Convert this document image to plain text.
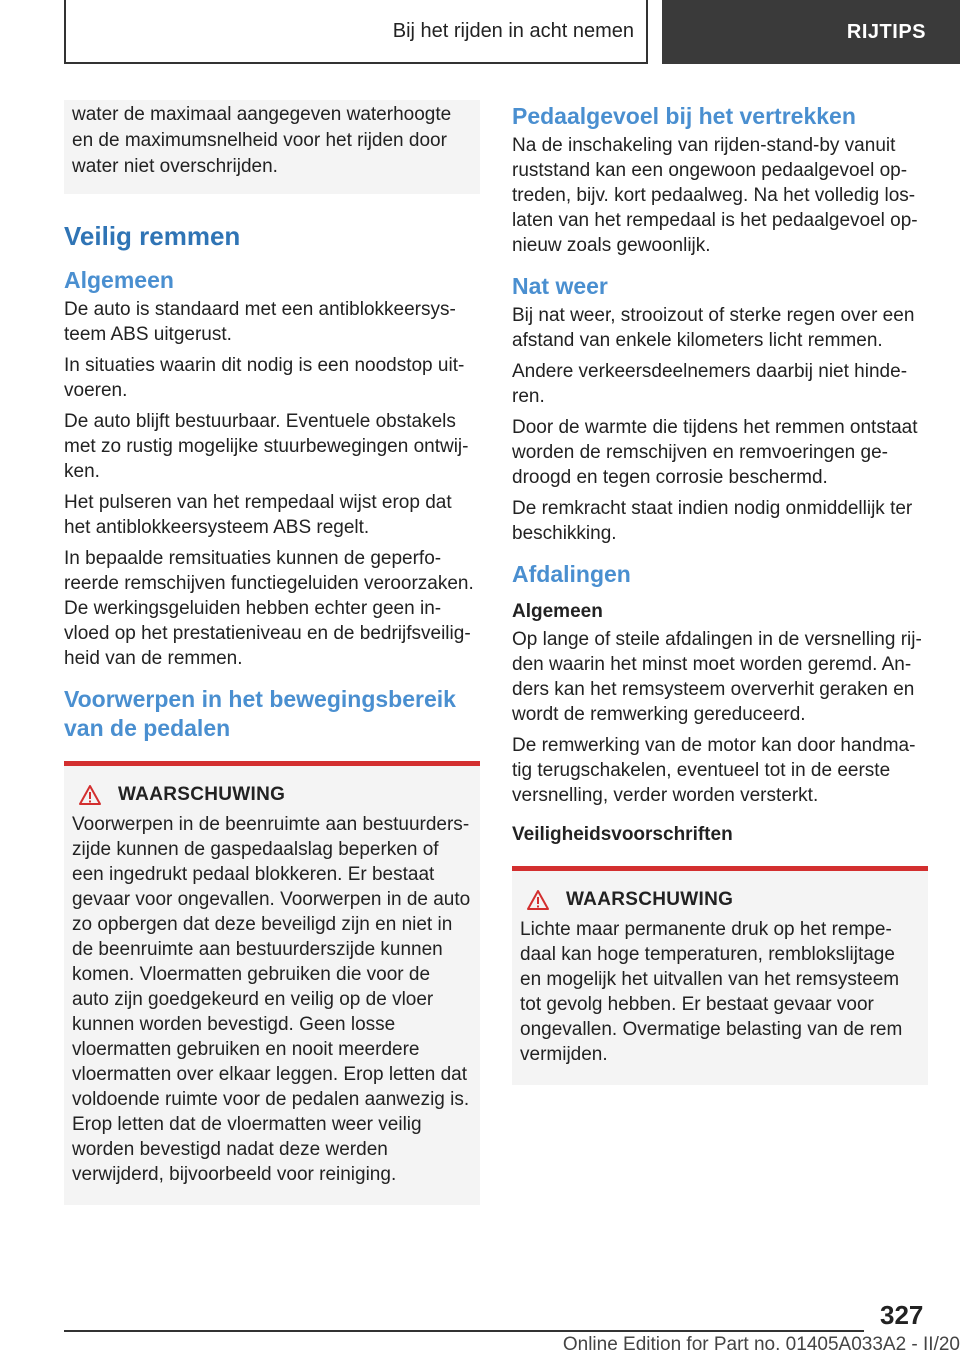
Bij het rijden in acht nemen	RIJTIPS
water de maximaal aangegeven waterhoogte en de maximumsnelheid voor het rijden door water niet overschrijden.
Veilig remmen
Algemeen

De auto is standaard met een antiblokkeersysteem ABS uitgerust.

In situaties waarin dit nodig is een noodstop uitvoeren.

De auto blijft bestuurbaar. Eventuele obstakels met zo rustig mogelijke stuurbewegingen ontwijken.

Het pulseren van het rempedaal wijst erop dat het antiblokkeersysteem ABS regelt.

In bepaalde remsituaties kunnen de geperforeerde remschijven functiegeluiden veroorzaken. De werkingsgeluiden hebben echter geen invloed op het prestatieniveau en de bedrijfsveiligheid van de remmen.

Voorwerpen in het bewegingsbereik van de pedalen
WAARSCHUWING

Voorwerpen in de beenruimte aan bestuurderszijde kunnen de gaspedaalslag beperken of een ingedrukt pedaal blokkeren. Er bestaat gevaar voor ongevallen. Voorwerpen in de auto zo opbergen dat deze beveiligd zijn en niet in de beenruimte aan bestuurderszijde kunnen komen. Vloermatten gebruiken die voor de auto zijn goedgekeurd en veilig op de vloer kunnen worden bevestigd. Geen losse vloermatten gebruiken en nooit meerdere vloermatten over elkaar leggen. Erop letten dat voldoende ruimte voor de pedalen aanwezig is. Erop letten dat de vloermatten weer veilig worden bevestigd nadat deze werden verwijderd, bijvoorbeeld voor reiniging.

Pedaalgevoel bij het vertrekken

Na de inschakeling van rijden-stand-by vanuit ruststand kan een ongewoon pedaalgevoel optreden, bijv. kort pedaalweg. Na het volledig loslaten van het rempedaal is het pedaalgevoel opnieuw zoals gewoonlijk.

Nat weer

Bij nat weer, strooizout of sterke regen over een afstand van enkele kilometers licht remmen.

Andere verkeersdeelnemers daarbij niet hinderen.

Door de warmte die tijdens het remmen ontstaat worden de remschijven en remvoeringen gedroogd en tegen corrosie beschermd.

De remkracht staat indien nodig onmiddellijk ter beschikking.

Afdalingen
Algemeen

Op lange of steile afdalingen in de versnelling rijden waarin het minst moet worden geremd. Anders kan het remsysteem oververhit geraken en wordt de remwerking gereduceerd.

De remwerking van de motor kan door handmatig terugschakelen, eventueel tot in de eerste versnelling, verder worden versterkt.

Veiligheidsvoorschriften
WAARSCHUWING

Lichte maar permanente druk op het rempedaal kan hoge temperaturen, remblokslijtage en mogelijk het uitvallen van het remsysteem tot gevolg hebben. Er bestaat gevaar voor ongevallen. Overmatige belasting van de rem vermijden.

327
Online Edition for Part no. 01405A033A2 - II/20
